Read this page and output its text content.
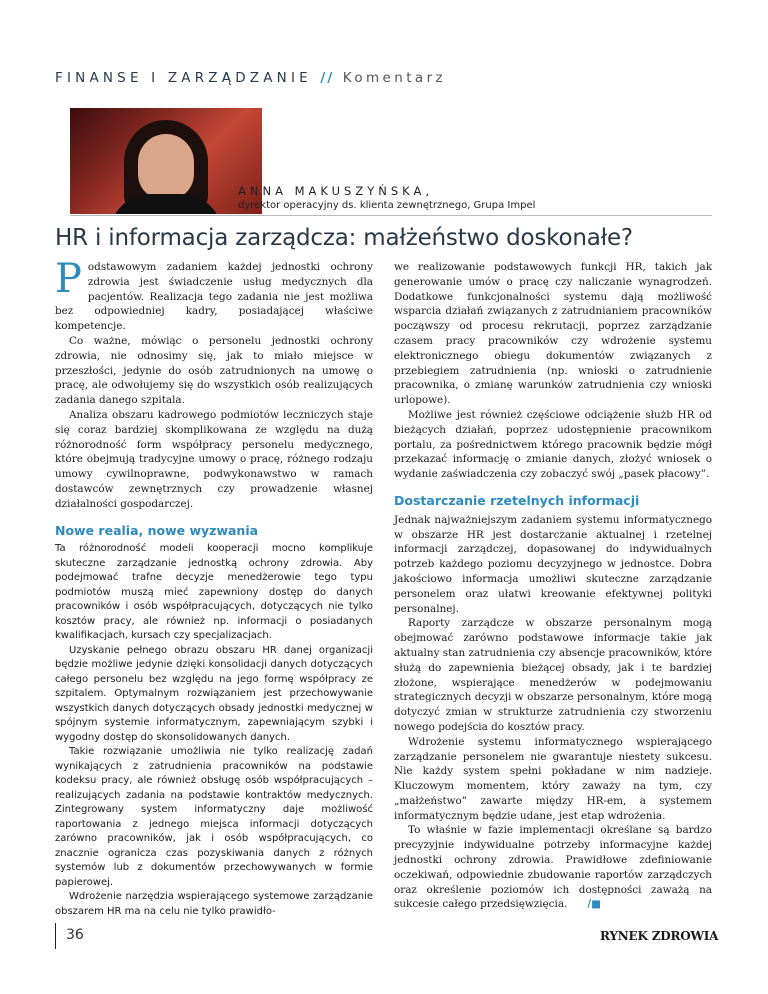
FINANSE I ZARZĄDZANIE // Komentarz
ANNA MAKUSZYŃSKA,
dyrektor operacyjny ds. klienta zewnętrznego, Grupa Impel
HR i informacja zarządcza: małżeństwo doskonałe?

Podstawowym zadaniem każdej jednostki ochrony zdrowia jest świadczenie usług medycznych dla pacjentów. Realizacja tego zadania nie jest możliwa bez odpowiedniej kadry, posiadającej właściwe kompetencje.

Co ważne, mówiąc o personelu jednostki ochrony zdrowia, nie odnosimy się, jak to miało miejsce w przeszłości, jedynie do osób zatrudnionych na umowę o pracę, ale odwołujemy się do wszystkich osób realizujących zadania danego szpitala.

Analiza obszaru kadrowego podmiotów leczniczych staje się coraz bardziej skomplikowana ze względu na dużą różnorodność form współpracy personelu medycznego, które obejmują tradycyjne umowy o pracę, różnego rodzaju umowy cywilnoprawne, podwykonawstwo w ramach dostawców zewnętrznych czy prowadzenie własnej działalności gospodarczej.

Nowe realia, nowe wyzwania

Ta różnorodność modeli kooperacji mocno komplikuje skuteczne zarządzanie jednostką ochrony zdrowia. Aby podejmować trafne decyzje menedżerowie tego typu podmiotów muszą mieć zapewniony dostęp do danych pracowników i osób współpracujących, dotyczących nie tylko kosztów pracy, ale również np. informacji o posiadanych kwalifikacjach, kursach czy specjalizacjach.

Uzyskanie pełnego obrazu obszaru HR danej organizacji będzie możliwe jedynie dzięki konsolidacji danych dotyczących całego personelu bez względu na jego formę współpracy ze szpitalem. Optymalnym rozwiązaniem jest przechowywanie wszystkich danych dotyczących obsady jednostki medycznej w spójnym systemie informatycznym, zapewniającym szybki i wygodny dostęp do skonsolidowanych danych.

Takie rozwiązanie umożliwia nie tylko realizację zadań wynikających z zatrudnienia pracowników na podstawie kodeksu pracy, ale również obsługę osób współpracujących – realizujących zadania na podstawie kontraktów medycznych. Zintegrowany system informatyczny daje możliwość raportowania z jednego miejsca informacji dotyczących zarówno pracowników, jak i osób współpracujących, co znacznie ogranicza czas pozyskiwania danych z różnych systemów lub z dokumentów przechowywanych w formie papierowej.

Wdrożenie narzędzia wspierającego systemowe zarządzanie obszarem HR ma na celu nie tylko prawidło-

we realizowanie podstawowych funkcji HR, takich jak generowanie umów o pracę czy naliczanie wynagrodzeń. Dodatkowe funkcjonalności systemu dają możliwość wsparcia działań związanych z zatrudnianiem pracowników począwszy od procesu rekrutacji, poprzez zarządzanie czasem pracy pracowników czy wdrożenie systemu elektronicznego obiegu dokumentów związanych z przebiegiem zatrudnienia (np. wnioski o zatrudnienie pracownika, o zmianę warunków zatrudnienia czy wnioski urlopowe).

Możliwe jest również częściowe odciążenie służb HR od bieżących działań, poprzez udostępnienie pracownikom portalu, za pośrednictwem którego pracownik będzie mógł przekazać informację o zmianie danych, złożyć wniosek o wydanie zaświadczenia czy zobaczyć swój „pasek płacowy”.

Dostarczanie rzetelnych informacji

Jednak najważniejszym zadaniem systemu informatycznego w obszarze HR jest dostarczanie aktualnej i rzetelnej informacji zarządczej, dopasowanej do indywidualnych potrzeb każdego poziomu decyzyjnego w jednostce. Dobra jakościowo informacja umożliwi skuteczne zarządzanie personelem oraz ułatwi kreowanie efektywnej polityki personalnej.

Raporty zarządcze w obszarze personalnym mogą obejmować zarówno podstawowe informacje takie jak aktualny stan zatrudnienia czy absencje pracowników, które służą do zapewnienia bieżącej obsady, jak i te bardziej złożone, wspierające menedżerów w podejmowaniu strategicznych decyzji w obszarze personalnym, które mogą dotyczyć zmian w strukturze zatrudnienia czy stworzeniu nowego podejścia do kosztów pracy.

Wdrożenie systemu informatycznego wspierającego zarządzanie personelem nie gwarantuje niestety sukcesu. Nie każdy system spełni pokładane w nim nadzieje. Kluczowym momentem, który zaważy na tym, czy „małżeństwo” zawarte między HR-em, a systemem informatycznym będzie udane, jest etap wdrożenia.

To właśnie w fazie implementacji określane są bardzo precyzyjnie indywidualne potrzeby informacyjne każdej jednostki ochrony zdrowia. Prawidłowe zdefiniowanie oczekiwań, odpowiednie zbudowanie raportów zarządczych oraz określenie poziomów ich dostępności zaważą na sukcesie całego przedsięwzięcia. /■

36	RYNEK ZDROWIA
